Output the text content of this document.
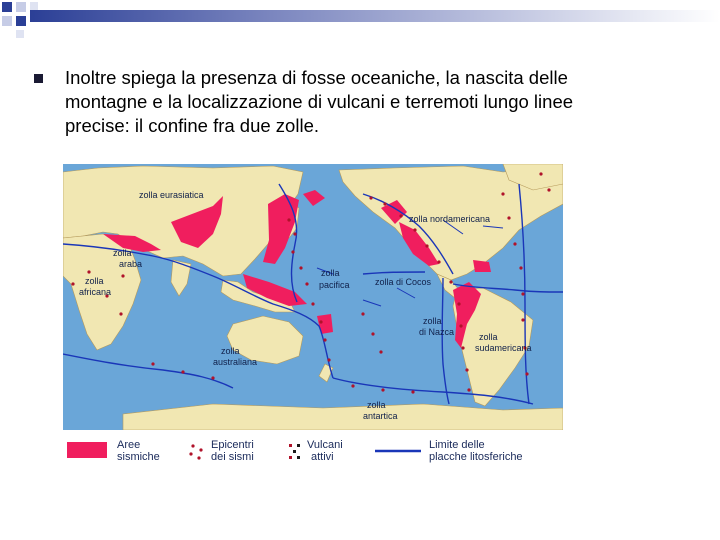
Inoltre spiega la presenza di fosse oceaniche, la nascita delle montagne e la localizzazione di vulcani e terremoti lungo linee precise: il confine fra due zolle.
zolla eurasiatica
zolla nordamericana
zolla
araba
zolla
africana
zolla
pacifica	zolla di Cocos
zolla
di Nazca	zolla
sudamericana
zolla
australiana
zolla
antartica
Aree
sismiche
Epicentri
dei sismi
Vulcani
attivi
Limite delle
placche litosferiche
